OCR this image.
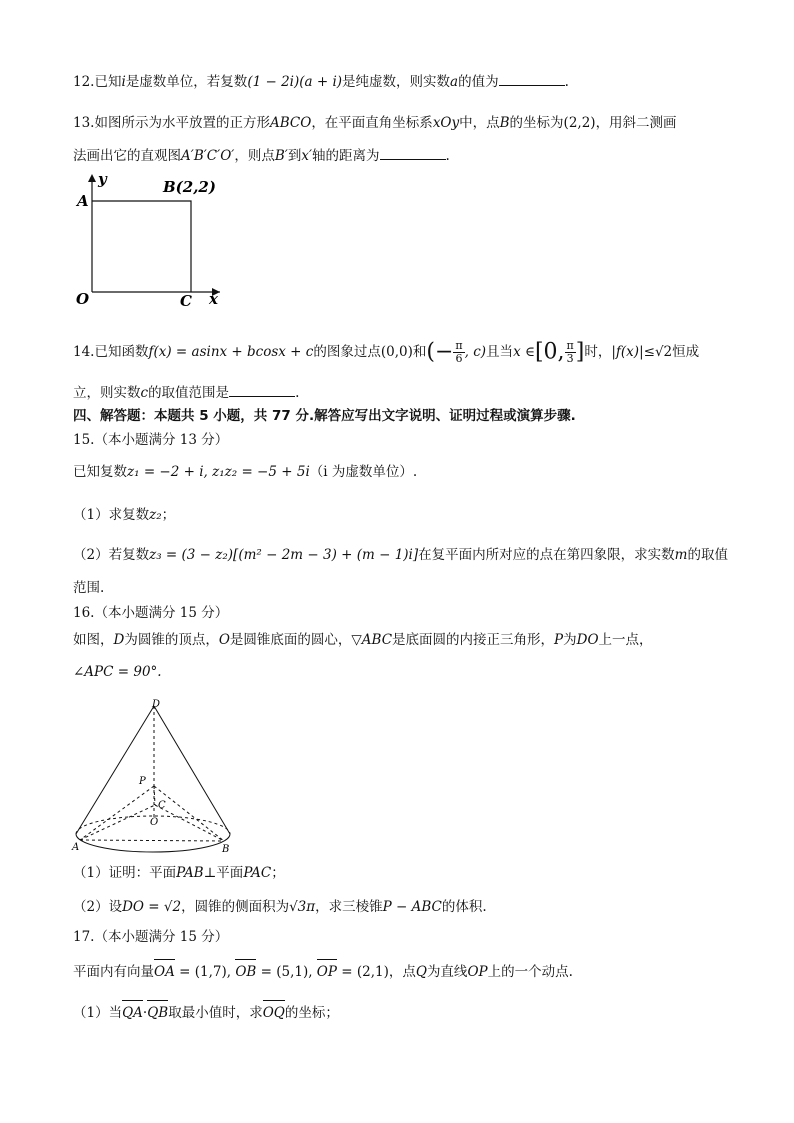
12.已知i是虚数单位，若复数(1 − 2i)(a + i)是纯虚数，则实数a的值为	.
13.如图所示为水平放置的正方形ABCO，在平面直角坐标系xOy中，点B的坐标为(2,2)，用斜二测画
法画出它的直观图A′B′C′O′，则点B′到x′轴的距离为	.
y
x
B(2,2)
A
O	C
14.已知函数f(x) = asinx + bcosx + c的图象过点(0,0)和(− $\frac{\pi}{6}$ , c)且当x ∈[0, $\frac{\pi}{3}$ ]时，|f(x)|≤√2恒成
立，则实数c的取值范围是	.
四、解答题：本题共 5 小题，共 77 分.解答应写出文字说明、证明过程或演算步骤.
15.（本小题满分 13 分）
已知复数z₁ = −2 + i, z₁z₂ = −5 + 5i（i 为虚数单位）.
（1）求复数z₂；
（2）若复数z₃ = (3 − z₂)[(m² − 2m − 3) + (m − 1)i]在复平面内所对应的点在第四象限，求实数m的取值
范围.
16.（本小题满分 15 分）
如图，D为圆锥的顶点，O是圆锥底面的圆心，▽ABC是底面圆的内接正三角形，P为DO上一点，
∠APC = 90°.
D
P
C
O
A	B
（1）证明：平面PAB⊥平面PAC；
（2）设DO = √2，圆锥的侧面积为√3π，求三棱锥P − ABC的体积.
17.（本小题满分 15 分）
平面内有向量OA = (1,7), OB = (5,1), OP = (2,1)，点Q为直线OP上的一个动点.
（1）当QA·QB取最小值时，求OQ的坐标；
